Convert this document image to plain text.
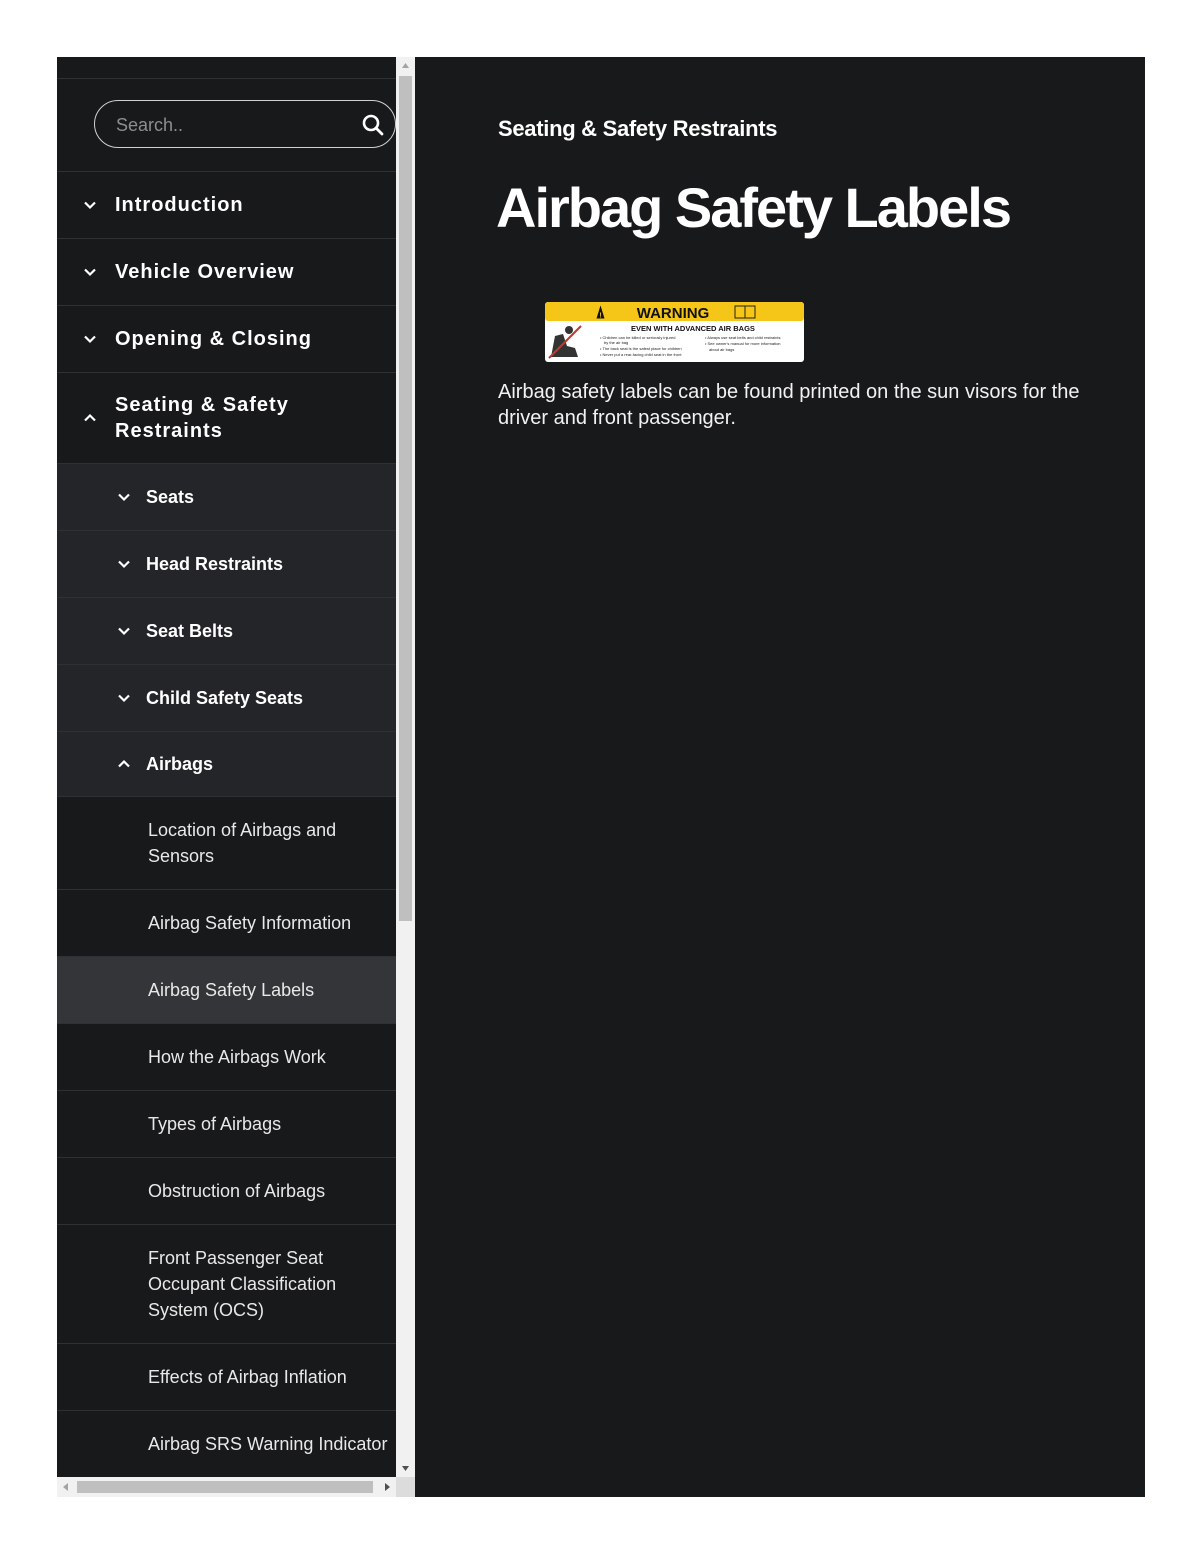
Search..
Introduction
Vehicle Overview
Opening & Closing
Seating & Safety Restraints
Seats
Head Restraints
Seat Belts
Child Safety Seats
Airbags
Location of Airbags and Sensors
Airbag Safety Information
Airbag Safety Labels
How the Airbags Work
Types of Airbags
Obstruction of Airbags
Front Passenger Seat Occupant Classification System (OCS)
Effects of Airbag Inflation
Airbag SRS Warning Indicator
Seating & Safety Restraints
Airbag Safety Labels
! WARNING
EVEN WITH ADVANCED AIR BAGS
• Children can be killed or seriously injured
by the air bag
• The back seat is the safest place for children
• Never put a rear-facing child seat in the front
• Always use seat belts and child restraints
• See owner's manual for more information
about air bags

Airbag safety labels can be found printed on the sun visors for the driver and front passenger.
